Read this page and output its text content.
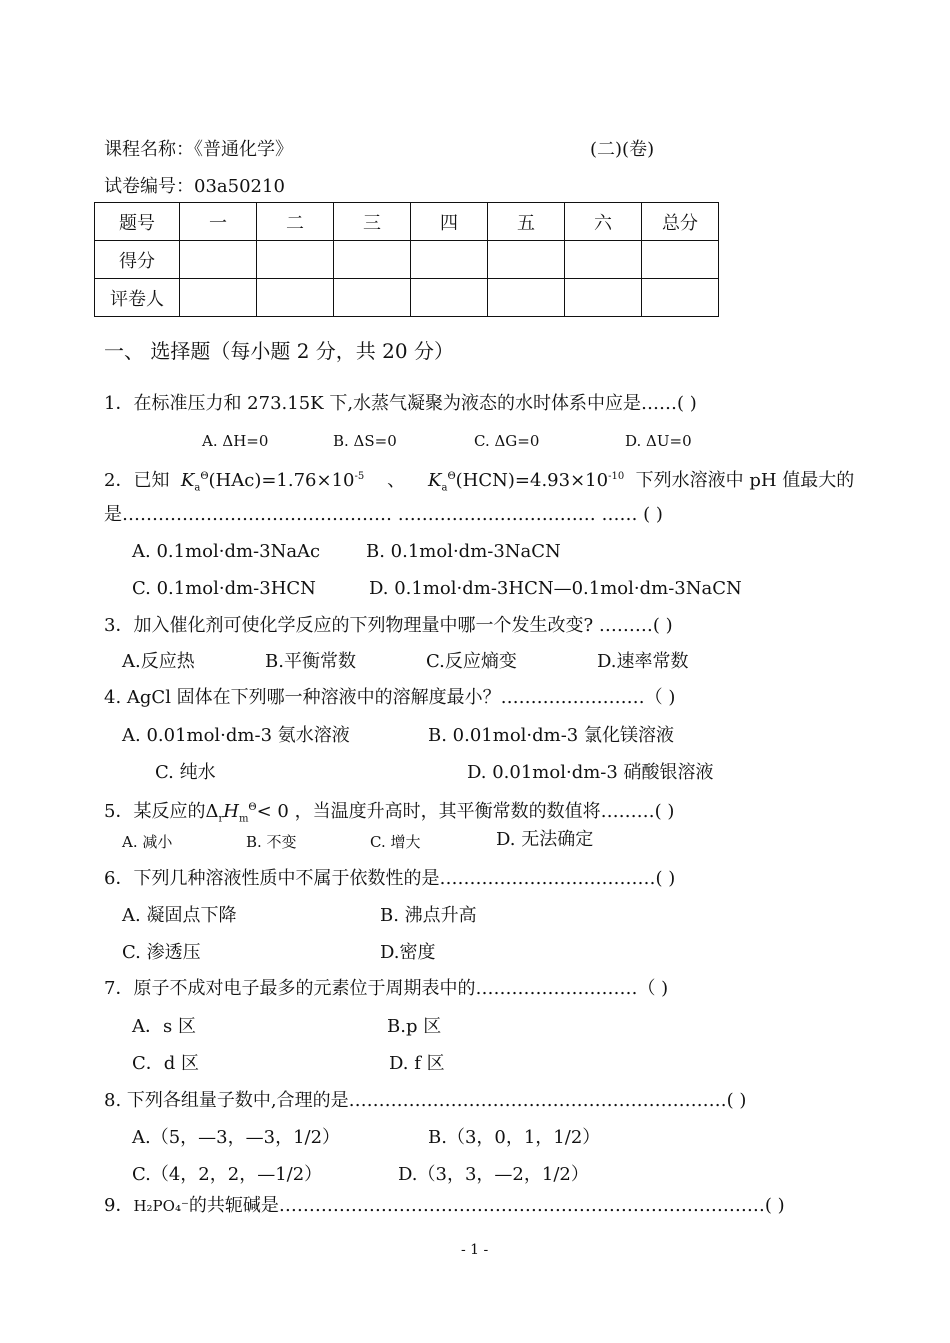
课程名称：《普通化学》	(二)(卷)
试卷编号：03a50210
题号	一	二	三	四	五	六	总分
得分							
评卷人							
一、 选择题（每小题 2 分，共 20 分）
1．在标准压力和 273.15K 下,水蒸气凝聚为液态的水时体系中应是……( )
A. ΔH=0	B. ΔS=0	C. ΔG=0	D. ΔU=0
2．已知 $K_a^\Theta(HAc)=1.76\times 10^{-5}$ 、 $K_a^\Theta(HCN)=4.93\times 10^{-10}$ 下列水溶液中 pH 值最大的
是……………………………………… …………………………… …… ( )
A. 0.1mol·dm-3NaAc	B. 0.1mol·dm-3NaCN
C. 0.1mol·dm-3HCN	D. 0.1mol·dm-3HCN—0.1mol·dm-3NaCN
3．加入催化剂可使化学反应的下列物理量中哪一个发生改变? ………( )
A.反应热	B.平衡常数	C.反应熵变	D.速率常数
4. AgCl 固体在下列哪一种溶液中的溶解度最小？……………………（ )
A. 0.01mol·dm-3 氨水溶液	B. 0.01mol·dm-3 氯化镁溶液
C. 纯水	D. 0.01mol·dm-3 硝酸银溶液
5．某反应的$\Delta_rH_m^\Theta< 0$ ，当温度升高时，其平衡常数的数值将………( )
A. 减小	B. 不变	C. 增大	D. 无法确定
6．下列几种溶液性质中不属于依数性的是………………………………( )
A. 凝固点下降	B. 沸点升高
C. 渗透压	D.密度
7．原子不成对电子最多的元素位于周期表中的………………………（ )
A．s 区	B.p 区
C．d 区	D. f 区
8. 下列各组量子数中,合理的是………………………………………………………( )
A.（5，—3，—3，1/2）	B.（3，0，1，1/2）
C.（4，2，2，—1/2）	D.（3，3，—2，1/2）
9．H₂PO₄⁻的共轭碱是………………………………………………………………………( )
- 1 -
